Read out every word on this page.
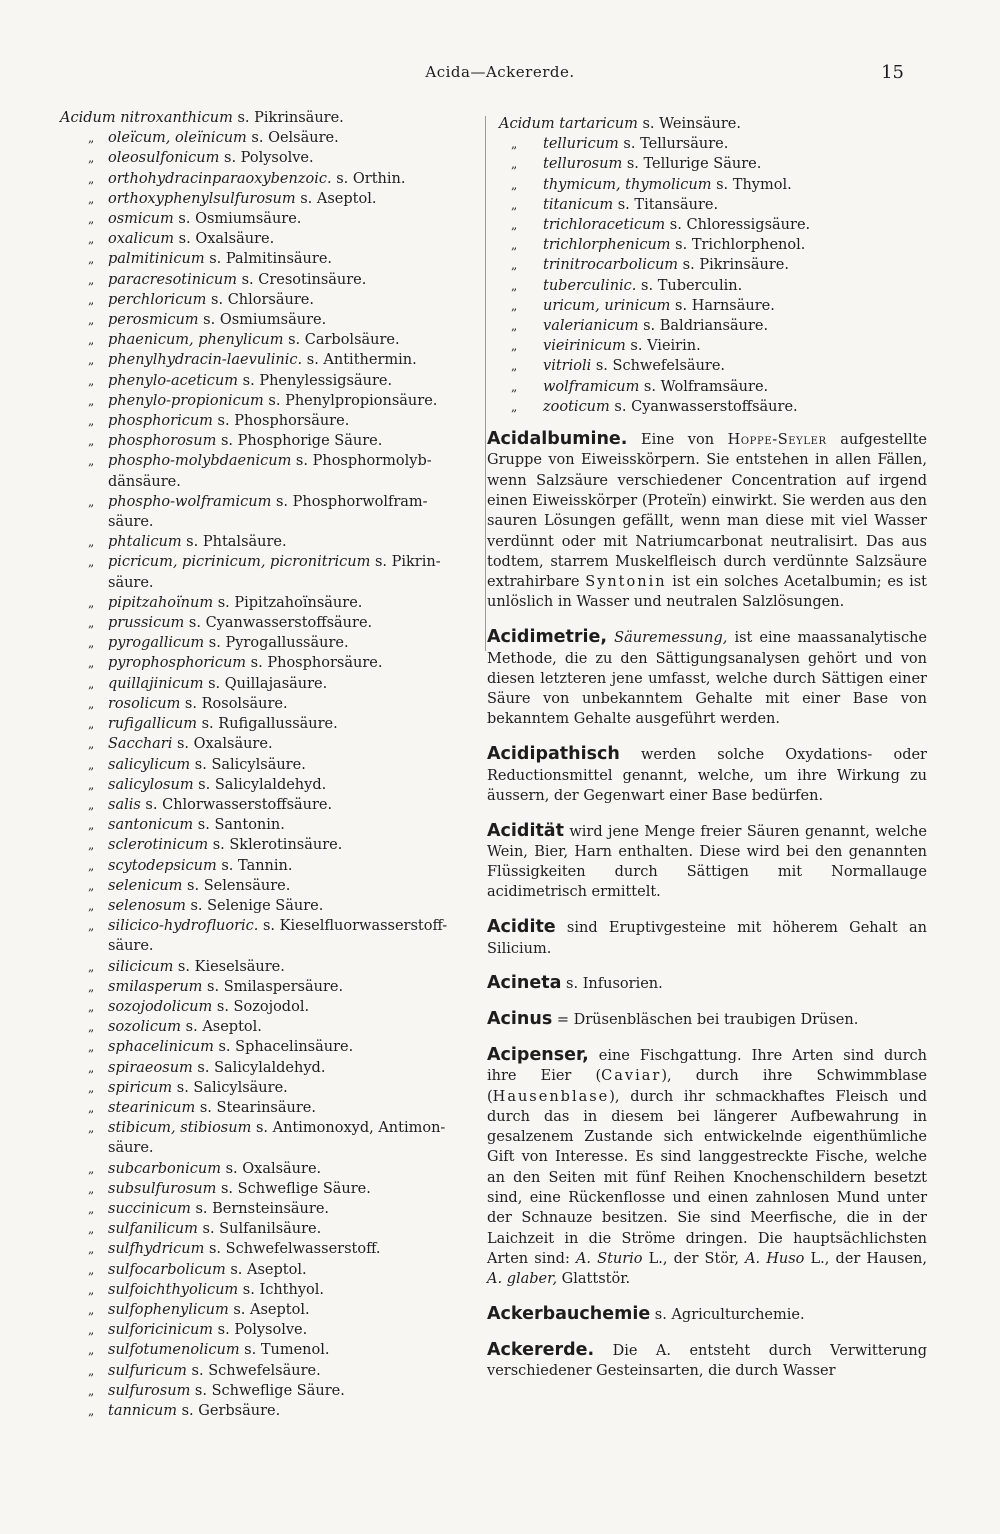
Acida—Ackererde.	15
Acidum nitroxanthicum s. Pikrinsäure.
„ oleïcum, oleïnicum s. Oelsäure.
„ oleosulfonicum s. Polysolve.
„ orthohydracinparaoxybenzoic. s. Orthin.
„ orthoxyphenylsulfurosum s. Aseptol.
„ osmicum s. Osmiumsäure.
„ oxalicum s. Oxalsäure.
„ palmitinicum s. Palmitinsäure.
„ paracresotinicum s. Cresotinsäure.
„ perchloricum s. Chlorsäure.
„ perosmicum s. Osmiumsäure.
„ phaenicum, phenylicum s. Carbolsäure.
„ phenylhydracin-laevulinic. s. Antithermin.
„ phenylo-aceticum s. Phenylessigsäure.
„ phenylo-propionicum s. Phenylpropionsäure.
„ phosphoricum s. Phosphorsäure.
„ phosphorosum s. Phosphorige Säure.
„ phospho-molybdaenicum s. Phosphormolyb-
dänsäure.
„ phospho-wolframicum s. Phosphorwolfram-
säure.
„ phtalicum s. Phtalsäure.
„ picricum, picrinicum, picronitricum s. Pikrin-
säure.
„ pipitzahoïnum s. Pipitzahoïnsäure.
„ prussicum s. Cyanwasserstoffsäure.
„ pyrogallicum s. Pyrogallussäure.
„ pyrophosphoricum s. Phosphorsäure.
„ quillajinicum s. Quillajasäure.
„ rosolicum s. Rosolsäure.
„ rufigallicum s. Rufigallussäure.
„ Sacchari s. Oxalsäure.
„ salicylicum s. Salicylsäure.
„ salicylosum s. Salicylaldehyd.
„ salis s. Chlorwasserstoffsäure.
„ santonicum s. Santonin.
„ sclerotinicum s. Sklerotinsäure.
„ scytodepsicum s. Tannin.
„ selenicum s. Selensäure.
„ selenosum s. Selenige Säure.
„ silicico-hydrofluoric. s. Kieselfluorwasserstoff-
säure.
„ silicicum s. Kieselsäure.
„ smilasperum s. Smilaspersäure.
„ sozojodolicum s. Sozojodol.
„ sozolicum s. Aseptol.
„ sphacelinicum s. Sphacelinsäure.
„ spiraeosum s. Salicylaldehyd.
„ spiricum s. Salicylsäure.
„ stearinicum s. Stearinsäure.
„ stibicum, stibiosum s. Antimonoxyd, Antimon-
säure.
„ subcarbonicum s. Oxalsäure.
„ subsulfurosum s. Schweflige Säure.
„ succinicum s. Bernsteinsäure.
„ sulfanilicum s. Sulfanilsäure.
„ sulfhydricum s. Schwefelwasserstoff.
„ sulfocarbolicum s. Aseptol.
„ sulfoichthyolicum s. Ichthyol.
„ sulfophenylicum s. Aseptol.
„ sulforicinicum s. Polysolve.
„ sulfotumenolicum s. Tumenol.
„ sulfuricum s. Schwefelsäure.
„ sulfurosum s. Schweflige Säure.
„ tannicum s. Gerbsäure.
Acidum tartaricum s. Weinsäure.
„ telluricum s. Tellursäure.
„ tellurosum s. Tellurige Säure.
„ thymicum, thymolicum s. Thymol.
„ titanicum s. Titansäure.
„ trichloraceticum s. Chloressigsäure.
„ trichlorphenicum s. Trichlorphenol.
„ trinitrocarbolicum s. Pikrinsäure.
„ tuberculinic. s. Tuberculin.
„ uricum, urinicum s. Harnsäure.
„ valerianicum s. Baldriansäure.
„ vieirinicum s. Vieirin.
„ vitrioli s. Schwefelsäure.
„ wolframicum s. Wolframsäure.
„ zooticum s. Cyanwasserstoffsäure.

Acidalbumine. Eine von Hoppe-Seyler aufgestellte Gruppe von Eiweisskörpern. Sie entstehen in allen Fällen, wenn Salzsäure verschiedener Concentration auf irgend einen Eiweisskörper (Proteïn) einwirkt. Sie werden aus den sauren Lösungen gefällt, wenn man diese mit viel Wasser verdünnt oder mit Natriumcarbonat neutralisirt. Das aus todtem, starrem Muskelfleisch durch verdünnte Salzsäure extrahirbare Syntonin ist ein solches Acetalbumin; es ist unlöslich in Wasser und neutralen Salzlösungen.

Acidimetrie, Säuremessung, ist eine maassanalytische Methode, die zu den Sättigungsanalysen gehört und von diesen letzteren jene umfasst, welche durch Sättigen einer Säure von unbekanntem Gehalte mit einer Base von bekanntem Gehalte ausgeführt werden.

Acidipathisch werden solche Oxydations- oder Reductionsmittel genannt, welche, um ihre Wirkung zu äussern, der Gegenwart einer Base bedürfen.

Acidität wird jene Menge freier Säuren genannt, welche Wein, Bier, Harn enthalten. Diese wird bei den genannten Flüssigkeiten durch Sättigen mit Normallauge acidimetrisch ermittelt.

Acidite sind Eruptivgesteine mit höherem Gehalt an Silicium.

Acineta s. Infusorien.

Acinus = Drüsenbläschen bei traubigen Drüsen.

Acipenser, eine Fischgattung. Ihre Arten sind durch ihre Eier (Caviar), durch ihre Schwimmblase (Hausenblase), durch ihr schmackhaftes Fleisch und durch das in diesem bei längerer Aufbewahrung in gesalzenem Zustande sich entwickelnde eigenthümliche Gift von Interesse. Es sind langgestreckte Fische, welche an den Seiten mit fünf Reihen Knochenschildern besetzt sind, eine Rückenflosse und einen zahnlosen Mund unter der Schnauze besitzen. Sie sind Meerfische, die in der Laichzeit in die Ströme dringen. Die hauptsächlichsten Arten sind: A. Sturio L., der Stör, A. Huso L., der Hausen, A. glaber, Glattstör.

Ackerbauchemie s. Agriculturchemie.

Ackererde. Die A. entsteht durch Verwitterung verschiedener Gesteinsarten, die durch Wasser
